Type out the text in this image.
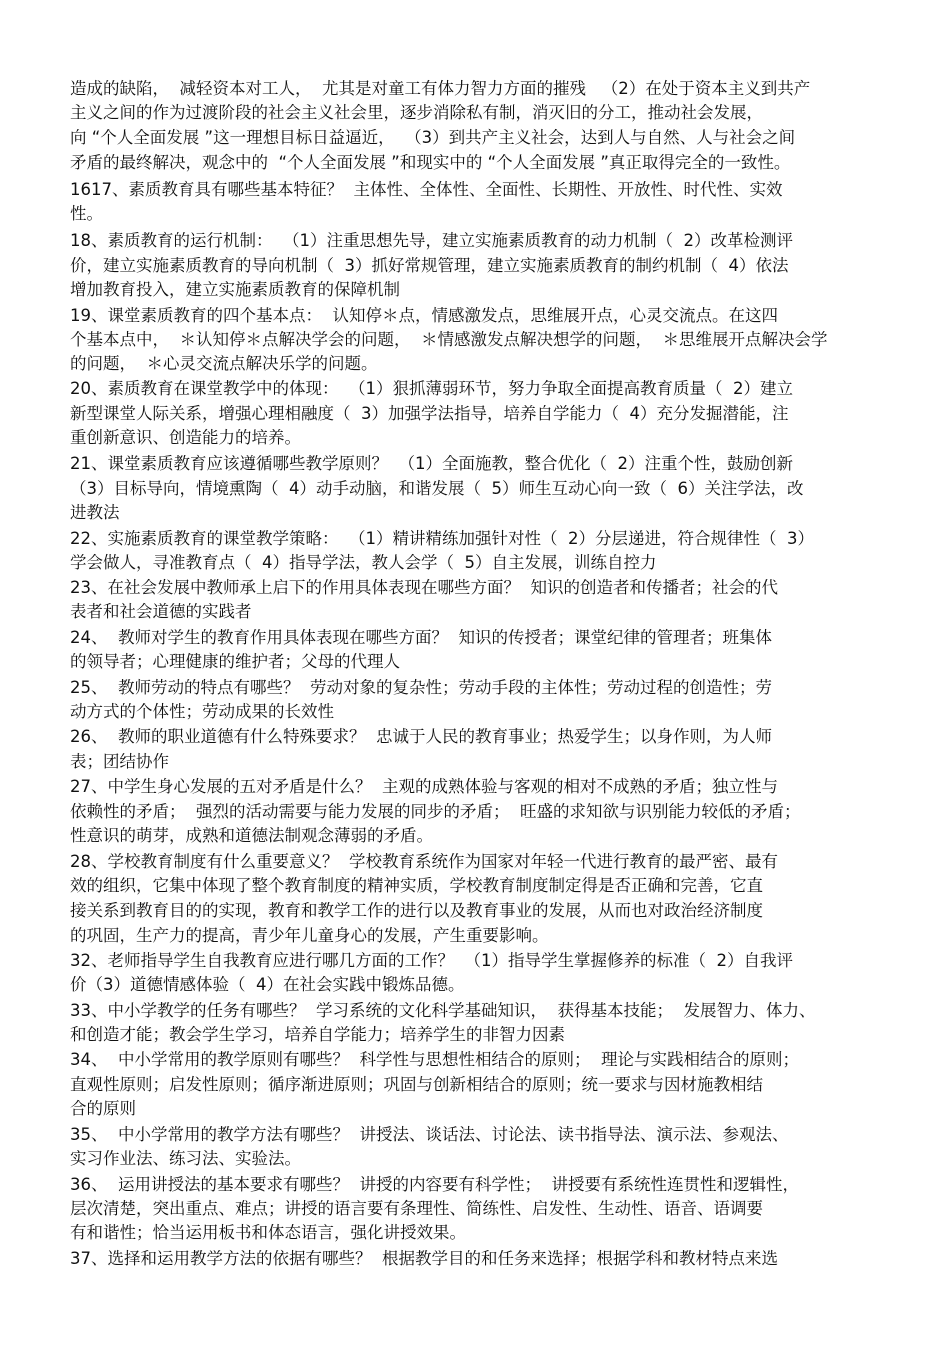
造成的缺陷，  减轻资本对工人，  尤其是对童工有体力智力方面的摧残   （2）在处于资本主义到共产
主义之间的作为过渡阶段的社会主义社会里，逐步消除私有制，消灭旧的分工，推动社会发展，
向 “个人全面发展 ”这一理想目标日益逼近，  （3）到共产主义社会，达到人与自然、人与社会之间
矛盾的最终解决，观念中的  “个人全面发展 ”和现实中的 “个人全面发展 ”真正取得完全的一致性。
1617、素质教育具有哪些基本特征？  主体性、全体性、全面性、长期性、开放性、时代性、实效
性。
18、素质教育的运行机制：  （1）注重思想先导，建立实施素质教育的动力机制（  2）改革检测评
价，建立实施素质教育的导向机制（  3）抓好常规管理，建立实施素质教育的制约机制（  4）依法
增加教育投入，建立实施素质教育的保障机制
19、课堂素质教育的四个基本点：  认知停＊点，情感激发点，思维展开点，心灵交流点。在这四
个基本点中，  ＊认知停＊点解决学会的问题，  ＊情感激发点解决想学的问题，  ＊思维展开点解决会学
的问题，  ＊心灵交流点解决乐学的问题。
20、素质教育在课堂教学中的体现：  （1）狠抓薄弱环节，努力争取全面提高教育质量（  2）建立
新型课堂人际关系，增强心理相融度（  3）加强学法指导，培养自学能力（  4）充分发掘潜能，注
重创新意识、创造能力的培养。
21、课堂素质教育应该遵循哪些教学原则？  （1）全面施教，整合优化（  2）注重个性，鼓励创新
（3）目标导向，情境熏陶（  4）动手动脑，和谐发展（  5）师生互动心向一致（  6）关注学法，改
进教法
22、实施素质教育的课堂教学策略：  （1）精讲精练加强针对性（  2）分层递进，符合规律性（  3）
学会做人，寻准教育点（  4）指导学法，教人会学（  5）自主发展，训练自控力
23、在社会发展中教师承上启下的作用具体表现在哪些方面？  知识的创造者和传播者；社会的代
表者和社会道德的实践者
24、  教师对学生的教育作用具体表现在哪些方面？  知识的传授者；课堂纪律的管理者；班集体
的领导者；心理健康的维护者；父母的代理人
25、  教师劳动的特点有哪些？  劳动对象的复杂性；劳动手段的主体性；劳动过程的创造性；劳
动方式的个体性；劳动成果的长效性
26、  教师的职业道德有什么特殊要求？  忠诚于人民的教育事业；热爱学生；以身作则，为人师
表；团结协作
27、中学生身心发展的五对矛盾是什么？  主观的成熟体验与客观的相对不成熟的矛盾；独立性与
依赖性的矛盾；  强烈的活动需要与能力发展的同步的矛盾；  旺盛的求知欲与识别能力较低的矛盾；
性意识的萌芽，成熟和道德法制观念薄弱的矛盾。
28、学校教育制度有什么重要意义？  学校教育系统作为国家对年轻一代进行教育的最严密、最有
效的组织，它集中体现了整个教育制度的精神实质，学校教育制度制定得是否正确和完善，它直
接关系到教育目的的实现，教育和教学工作的进行以及教育事业的发展，从而也对政治经济制度
的巩固，生产力的提高，青少年儿童身心的发展，产生重要影响。
32、老师指导学生自我教育应进行哪几方面的工作？  （1）指导学生掌握修养的标准（  2）自我评
价（3）道德情感体验（  4）在社会实践中锻炼品德。
33、中小学教学的任务有哪些？  学习系统的文化科学基础知识，  获得基本技能；  发展智力、体力、
和创造才能；教会学生学习，培养自学能力；培养学生的非智力因素
34、  中小学常用的教学原则有哪些？  科学性与思想性相结合的原则；  理论与实践相结合的原则；
直观性原则；启发性原则；循序渐进原则；巩固与创新相结合的原则；统一要求与因材施教相结
合的原则
35、  中小学常用的教学方法有哪些？  讲授法、谈话法、讨论法、读书指导法、演示法、参观法、
实习作业法、练习法、实验法。
36、  运用讲授法的基本要求有哪些？  讲授的内容要有科学性；  讲授要有系统性连贯性和逻辑性，
层次清楚，突出重点、难点；讲授的语言要有条理性、简练性、启发性、生动性、语音、语调要
有和谐性；恰当运用板书和体态语言，强化讲授效果。
37、选择和运用教学方法的依据有哪些？  根据教学目的和任务来选择；根据学科和教材特点来选
